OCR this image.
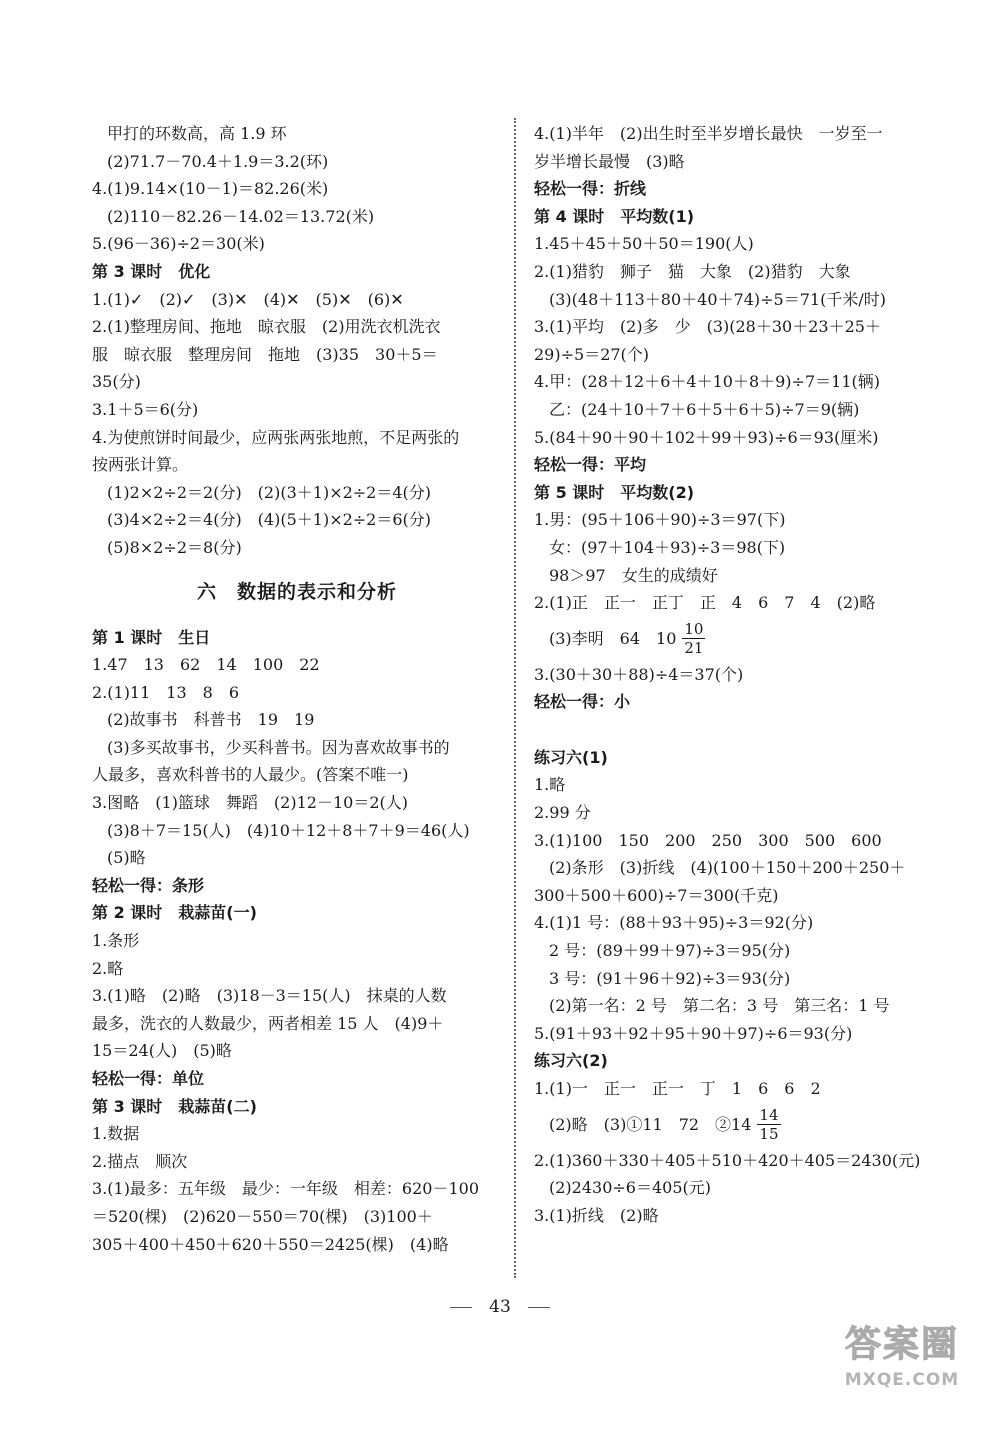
甲打的环数高，高 1.9 环
(2)71.7－70.4＋1.9＝3.2(环)
4.(1)9.14×(10－1)＝82.26(米)
(2)110－82.26－14.02＝13.72(米)
5.(96－36)÷2＝30(米)
第 3 课时　优化
1.(1)✓　(2)✓　(3)✕　(4)✕　(5)✕　(6)✕
2.(1)整理房间、拖地　晾衣服　(2)用洗衣机洗衣
服　晾衣服　整理房间　拖地　(3)35　30＋5＝
35(分)
3.1＋5＝6(分)
4.为使煎饼时间最少，应两张两张地煎，不足两张的
按两张计算。
(1)2×2÷2＝2(分)　(2)(3＋1)×2÷2＝4(分)
(3)4×2÷2＝4(分)　(4)(5＋1)×2÷2＝6(分)
(5)8×2÷2＝8(分)
六　数据的表示和分析
第 1 课时　生日
1.47　13　62　14　100　22
2.(1)11　13　8　6
(2)故事书　科普书　19　19
(3)多买故事书，少买科普书。因为喜欢故事书的
人最多，喜欢科普书的人最少。(答案不唯一)
3.图略　(1)篮球　舞蹈　(2)12－10＝2(人)
(3)8＋7＝15(人)　(4)10＋12＋8＋7＋9＝46(人)
(5)略
轻松一得：条形
第 2 课时　栽蒜苗(一)
1.条形
2.略
3.(1)略　(2)略　(3)18－3＝15(人)　抹桌的人数
最多，洗衣的人数最少，两者相差 15 人　(4)9＋
15＝24(人)　(5)略
轻松一得：单位
第 3 课时　栽蒜苗(二)
1.数据
2.描点　顺次
3.(1)最多：五年级　最少：一年级　相差：620－100
＝520(棵)　(2)620－550＝70(棵)　(3)100＋
305＋400＋450＋620＋550＝2425(棵)　(4)略
4.(1)半年　(2)出生时至半岁增长最快　一岁至一
岁半增长最慢　(3)略
轻松一得：折线
第 4 课时　平均数(1)
1.45＋45＋50＋50＝190(人)
2.(1)猎豹　狮子　猫　大象　(2)猎豹　大象
(3)(48＋113＋80＋40＋74)÷5＝71(千米/时)
3.(1)平均　(2)多　少　(3)(28＋30＋23＋25＋
29)÷5＝27(个)
4.甲：(28＋12＋6＋4＋10＋8＋9)÷7＝11(辆)
乙：(24＋10＋7＋6＋5＋6＋5)÷7＝9(辆)
5.(84＋90＋90＋102＋99＋93)÷6＝93(厘米)
轻松一得：平均
第 5 课时　平均数(2)
1.男：(95＋106＋90)÷3＝97(下)
女：(97＋104＋93)÷3＝98(下)
98＞97　女生的成绩好
2.(1)正　正一　正丁　正　4　6　7　4　(2)略
(3)李明　64　$10 \frac{10}{21}$
3.(30＋30＋88)÷4＝37(个)
轻松一得：小
练习六(1)
1.略
2.99 分
3.(1)100　150　200　250　300　500　600
(2)条形　(3)折线　(4)(100＋150＋200＋250＋
300＋500＋600)÷7＝300(千克)
4.(1)1 号：(88＋93＋95)÷3＝92(分)
2 号：(89＋99＋97)÷3＝95(分)
3 号：(91＋96＋92)÷3＝93(分)
(2)第一名：2 号　第二名：3 号　第三名：1 号
5.(91＋93＋92＋95＋90＋97)÷6＝93(分)
练习六(2)
1.(1)一　正一　正一　丁　1　6　6　2
(2)略　(3)①11　72　②14 $\frac{14}{15}$
2.(1)360＋330＋405＋510＋420＋405＝2430(元)
(2)2430÷6＝405(元)
3.(1)折线　(2)略
43
答案圈
MXQE.COM
